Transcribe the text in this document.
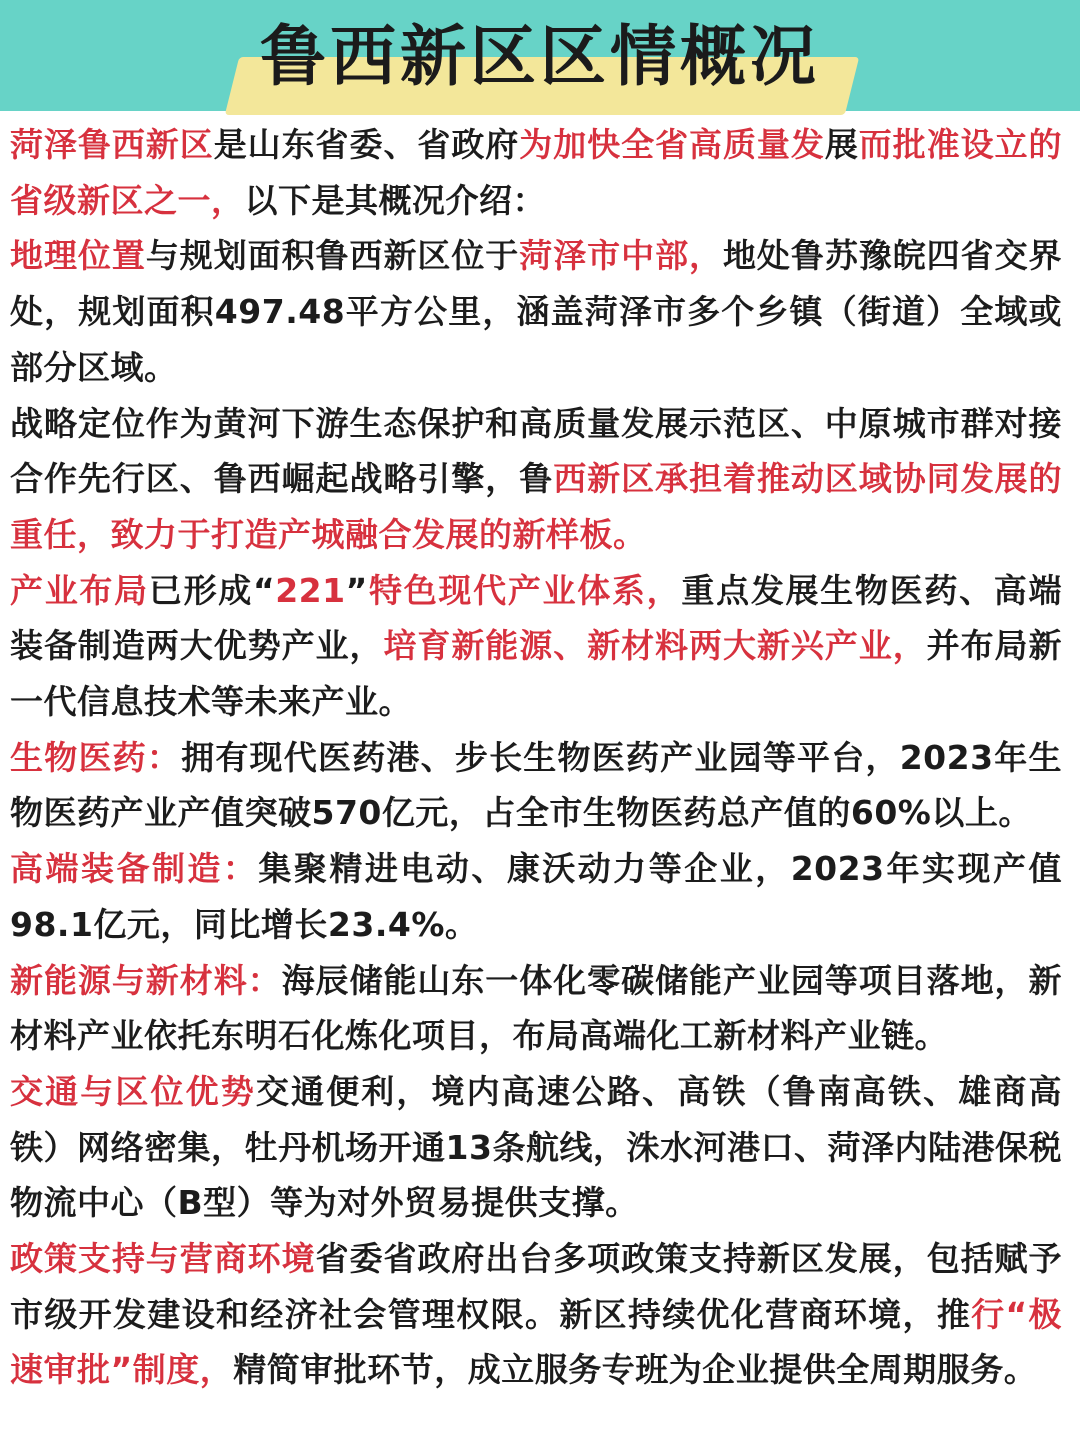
鲁西新区区情概况

菏泽鲁西新区是山东省委、省政府为加快全省高质量发展而批准设立的省级新区之一，以下是其概况介绍：

地理位置与规划面积鲁西新区位于菏泽市中部，地处鲁苏豫皖四省交界处，规划面积497.48平方公里，涵盖菏泽市多个乡镇（街道）全域或部分区域。

战略定位作为黄河下游生态保护和高质量发展示范区、中原城市群对接合作先行区、鲁西崛起战略引擎，鲁西新区承担着推动区域协同发展的重任，致力于打造产城融合发展的新样板。

产业布局已形成“221”特色现代产业体系，重点发展生物医药、高端装备制造两大优势产业，培育新能源、新材料两大新兴产业，并布局新一代信息技术等未来产业。

生物医药：拥有现代医药港、步长生物医药产业园等平台，2023年生物医药产业产值突破570亿元，占全市生物医药总产值的60%以上。

高端装备制造：集聚精进电动、康沃动力等企业，2023年实现产值98.1亿元，同比增长23.4%。

新能源与新材料：海辰储能山东一体化零碳储能产业园等项目落地，新材料产业依托东明石化炼化项目，布局高端化工新材料产业链。

交通与区位优势交通便利，境内高速公路、高铁（鲁南高铁、雄商高铁）网络密集，牡丹机场开通13条航线，洙水河港口、菏泽内陆港保税物流中心（B型）等为对外贸易提供支撑。

政策支持与营商环境省委省政府出台多项政策支持新区发展，包括赋予市级开发建设和经济社会管理权限。新区持续优化营商环境，推行“极速审批”制度，精简审批环节，成立服务专班为企业提供全周期服务。
